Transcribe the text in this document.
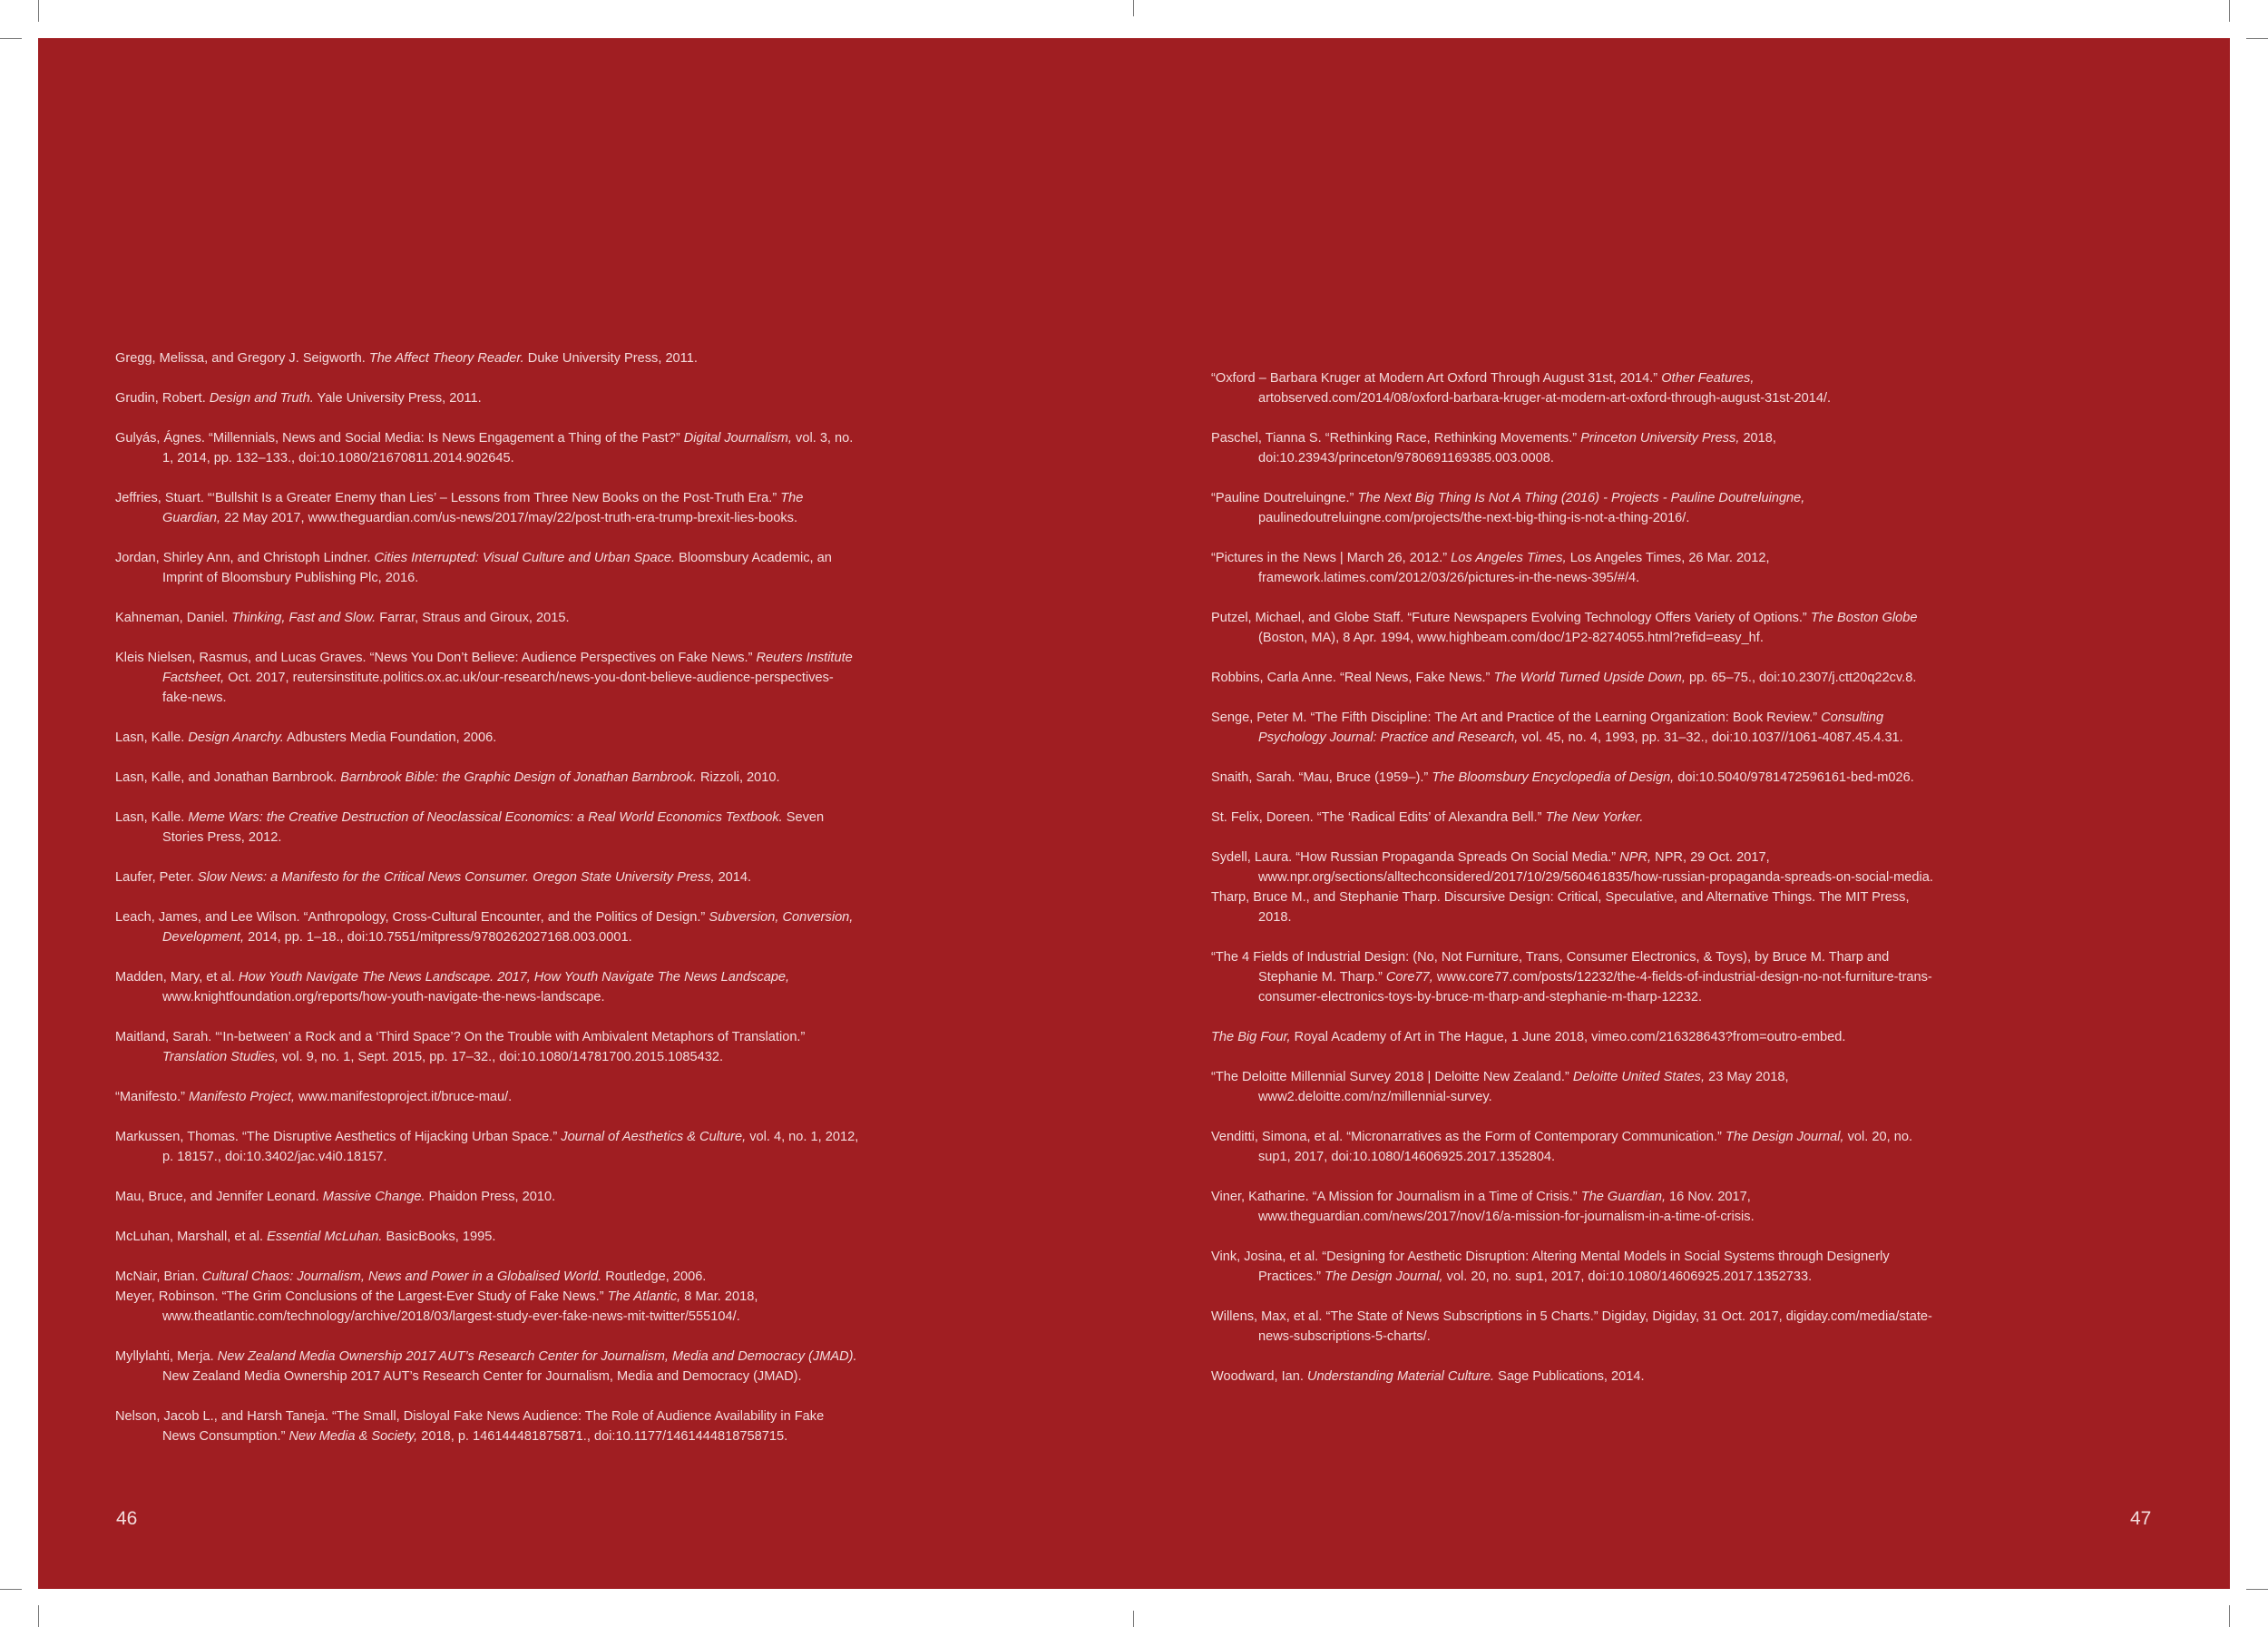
Gregg, Melissa, and Gregory J. Seigworth. The Affect Theory Reader. Duke University Press, 2011.

Grudin, Robert. Design and Truth. Yale University Press, 2011.

Gulyás, Ágnes. “Millennials, News and Social Media: Is News Engagement a Thing of the Past?” Digital Journalism, vol. 3, no. 1, 2014, pp. 132–133., doi:10.1080/21670811.2014.902645.

Jeffries, Stuart. “‘Bullshit Is a Greater Enemy than Lies’ – Lessons from Three New Books on the Post-Truth Era.” The Guardian, 22 May 2017, www.theguardian.com/us-news/2017/may/22/post-truth-era-trump-brexit-lies-books.

Jordan, Shirley Ann, and Christoph Lindner. Cities Interrupted: Visual Culture and Urban Space. Bloomsbury Academic, an Imprint of Bloomsbury Publishing Plc, 2016.

Kahneman, Daniel. Thinking, Fast and Slow. Farrar, Straus and Giroux, 2015.

Kleis Nielsen, Rasmus, and Lucas Graves. “News You Don’t Believe: Audience Perspectives on Fake News.” Reuters Institute Factsheet, Oct. 2017, reutersinstitute.politics.ox.ac.uk/our-research/news-you-dont-believe-audience-perspectives-fake-news.

Lasn, Kalle. Design Anarchy. Adbusters Media Foundation, 2006.

Lasn, Kalle, and Jonathan Barnbrook. Barnbrook Bible: the Graphic Design of Jonathan Barnbrook. Rizzoli, 2010.

Lasn, Kalle. Meme Wars: the Creative Destruction of Neoclassical Economics: a Real World Economics Textbook. Seven Stories Press, 2012.

Laufer, Peter. Slow News: a Manifesto for the Critical News Consumer. Oregon State University Press, 2014.

Leach, James, and Lee Wilson. “Anthropology, Cross-Cultural Encounter, and the Politics of Design.” Subversion, Conversion, Development, 2014, pp. 1–18., doi:10.7551/mitpress/9780262027168.003.0001.

Madden, Mary, et al. How Youth Navigate The News Landscape. 2017, How Youth Navigate The News Landscape, www.knightfoundation.org/reports/how-youth-navigate-the-news-landscape.

Maitland, Sarah. “‘In-between’ a Rock and a ‘Third Space’? On the Trouble with Ambivalent Metaphors of Translation.” Translation Studies, vol. 9, no. 1, Sept. 2015, pp. 17–32., doi:10.1080/14781700.2015.1085432.

“Manifesto.” Manifesto Project, www.manifestoproject.it/bruce-mau/.

Markussen, Thomas. “The Disruptive Aesthetics of Hijacking Urban Space.” Journal of Aesthetics & Culture, vol. 4, no. 1, 2012, p. 18157., doi:10.3402/jac.v4i0.18157.

Mau, Bruce, and Jennifer Leonard. Massive Change. Phaidon Press, 2010.

McLuhan, Marshall, et al. Essential McLuhan. BasicBooks, 1995.

McNair, Brian. Cultural Chaos: Journalism, News and Power in a Globalised World. Routledge, 2006.

Meyer, Robinson. “The Grim Conclusions of the Largest-Ever Study of Fake News.” The Atlantic, 8 Mar. 2018, www.theatlantic.com/technology/archive/2018/03/largest-study-ever-fake-news-mit-twitter/555104/.

Myllylahti, Merja. New Zealand Media Ownership 2017 AUT’s Research Center for Journalism, Media and Democracy (JMAD). New Zealand Media Ownership 2017 AUT’s Research Center for Journalism, Media and Democracy (JMAD).

Nelson, Jacob L., and Harsh Taneja. “The Small, Disloyal Fake News Audience: The Role of Audience Availability in Fake News Consumption.” New Media & Society, 2018, p. 146144481875871., doi:10.1177/1461444818758715.

“Oxford – Barbara Kruger at Modern Art Oxford Through August 31st, 2014.” Other Features, artobserved.com/2014/08/oxford-barbara-kruger-at-modern-art-oxford-through-august-31st-2014/.

Paschel, Tianna S. “Rethinking Race, Rethinking Movements.” Princeton University Press, 2018, doi:10.23943/princeton/9780691169385.003.0008.

“Pauline Doutreluingne.” The Next Big Thing Is Not A Thing (2016) - Projects - Pauline Doutreluingne, paulinedoutreluingne.com/projects/the-next-big-thing-is-not-a-thing-2016/.

“Pictures in the News | March 26, 2012.” Los Angeles Times, Los Angeles Times, 26 Mar. 2012, framework.latimes.com/2012/03/26/pictures-in-the-news-395/#/4.

Putzel, Michael, and Globe Staff. “Future Newspapers Evolving Technology Offers Variety of Options.” The Boston Globe (Boston, MA), 8 Apr. 1994, www.highbeam.com/doc/1P2-8274055.html?refid=easy_hf.

Robbins, Carla Anne. “Real News, Fake News.” The World Turned Upside Down, pp. 65–75., doi:10.2307/j.ctt20q22cv.8.

Senge, Peter M. “The Fifth Discipline: The Art and Practice of the Learning Organization: Book Review.” Consulting Psychology Journal: Practice and Research, vol. 45, no. 4, 1993, pp. 31–32., doi:10.1037//1061-4087.45.4.31.

Snaith, Sarah. “Mau, Bruce (1959–).” The Bloomsbury Encyclopedia of Design, doi:10.5040/9781472596161-bed-m026.

St. Felix, Doreen. “The ‘Radical Edits’ of Alexandra Bell.” The New Yorker.

Sydell, Laura. “How Russian Propaganda Spreads On Social Media.” NPR, NPR, 29 Oct. 2017, www.npr.org/sections/alltechconsidered/2017/10/29/560461835/how-russian-propaganda-spreads-on-social-media.

Tharp, Bruce M., and Stephanie Tharp. Discursive Design: Critical, Speculative, and Alternative Things. The MIT Press, 2018.

“The 4 Fields of Industrial Design: (No, Not Furniture, Trans, Consumer Electronics, & Toys), by Bruce M. Tharp and Stephanie M. Tharp.” Core77, www.core77.com/posts/12232/the-4-fields-of-industrial-design-no-not-furniture-trans-consumer-electronics-toys-by-bruce-m-tharp-and-stephanie-m-tharp-12232.

The Big Four, Royal Academy of Art in The Hague, 1 June 2018, vimeo.com/216328643?from=outro-embed.

“The Deloitte Millennial Survey 2018 | Deloitte New Zealand.” Deloitte United States, 23 May 2018, www2.deloitte.com/nz/millennial-survey.

Venditti, Simona, et al. “Micronarratives as the Form of Contemporary Communication.” The Design Journal, vol. 20, no. sup1, 2017, doi:10.1080/14606925.2017.1352804.

Viner, Katharine. “A Mission for Journalism in a Time of Crisis.” The Guardian, 16 Nov. 2017, www.theguardian.com/news/2017/nov/16/a-mission-for-journalism-in-a-time-of-crisis.

Vink, Josina, et al. “Designing for Aesthetic Disruption: Altering Mental Models in Social Systems through Designerly Practices.” The Design Journal, vol. 20, no. sup1, 2017, doi:10.1080/14606925.2017.1352733.

Willens, Max, et al. “The State of News Subscriptions in 5 Charts.” Digiday, Digiday, 31 Oct. 2017, digiday.com/media/state-news-subscriptions-5-charts/.

Woodward, Ian. Understanding Material Culture. Sage Publications, 2014.

46	47
